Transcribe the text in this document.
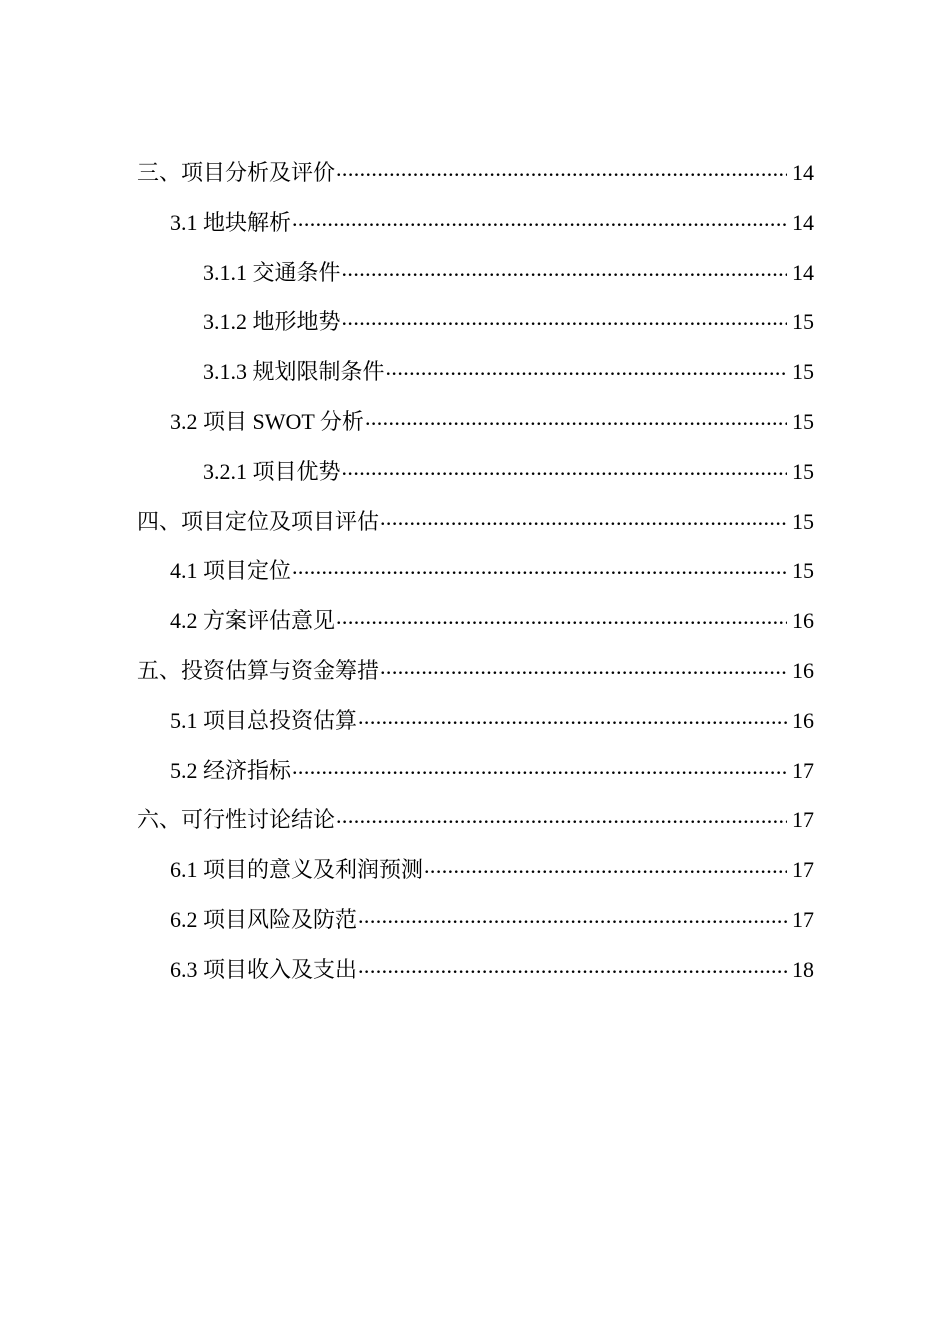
三、项目分析及评价 .....	14
3.1 地块解析 .....	14
3.1.1 交通条件 .....	14
3.1.2 地形地势 .....	15
3.1.3 规划限制条件 .....	15
3.2 项目 SWOT 分析 .....	15
3.2.1 项目优势 .....	15
四、项目定位及项目评估 .....	15
4.1 项目定位 .....	15
4.2 方案评估意见 .....	16
五、投资估算与资金筹措 .....	16
5.1 项目总投资估算 .....	16
5.2 经济指标 .....	17
六、可行性讨论结论 .....	17
6.1 项目的意义及利润预测 .....	17
6.2 项目风险及防范 .....	17
6.3 项目收入及支出 .....	18
